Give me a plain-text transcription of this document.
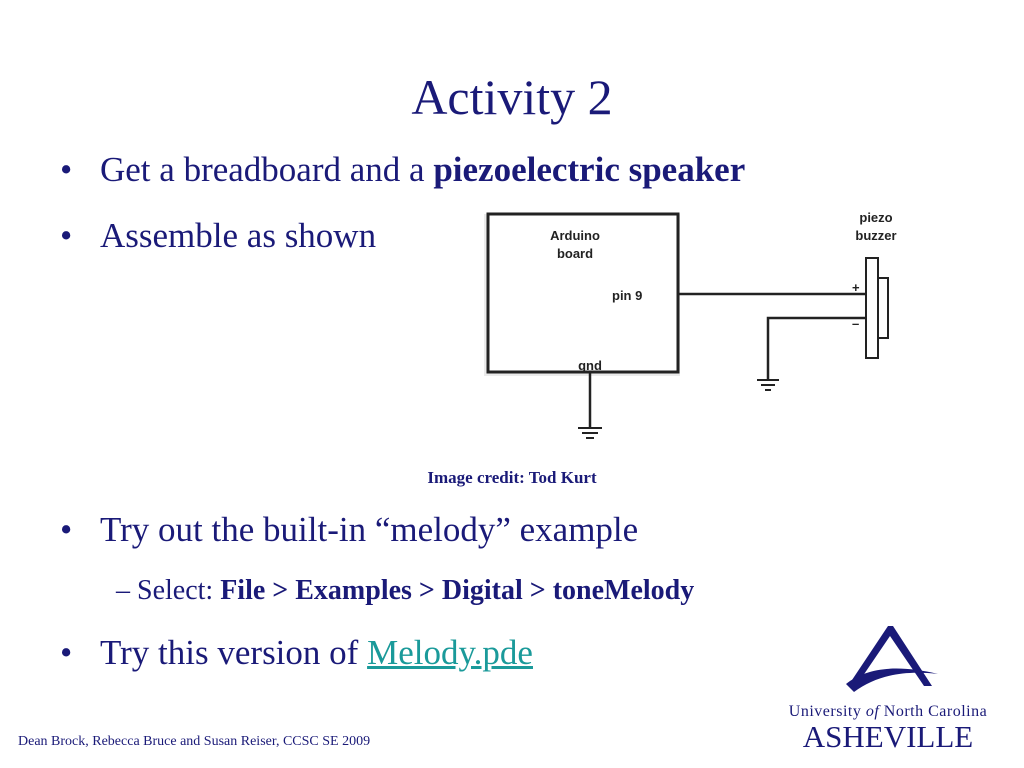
Activity 2
• Get a breadboard and a piezoelectric speaker
• Assemble as shown	Arduino
board
pin 9
gnd
piezo
buzzer
+
–
Image credit: Tod Kurt
• Try out the built-in “melody” example
– Select: File > Examples > Digital > toneMelody
• Try this version of Melody.pde
University of North Carolina
ASHEVILLE
Dean Brock, Rebecca Bruce and Susan Reiser, CCSC SE 2009
